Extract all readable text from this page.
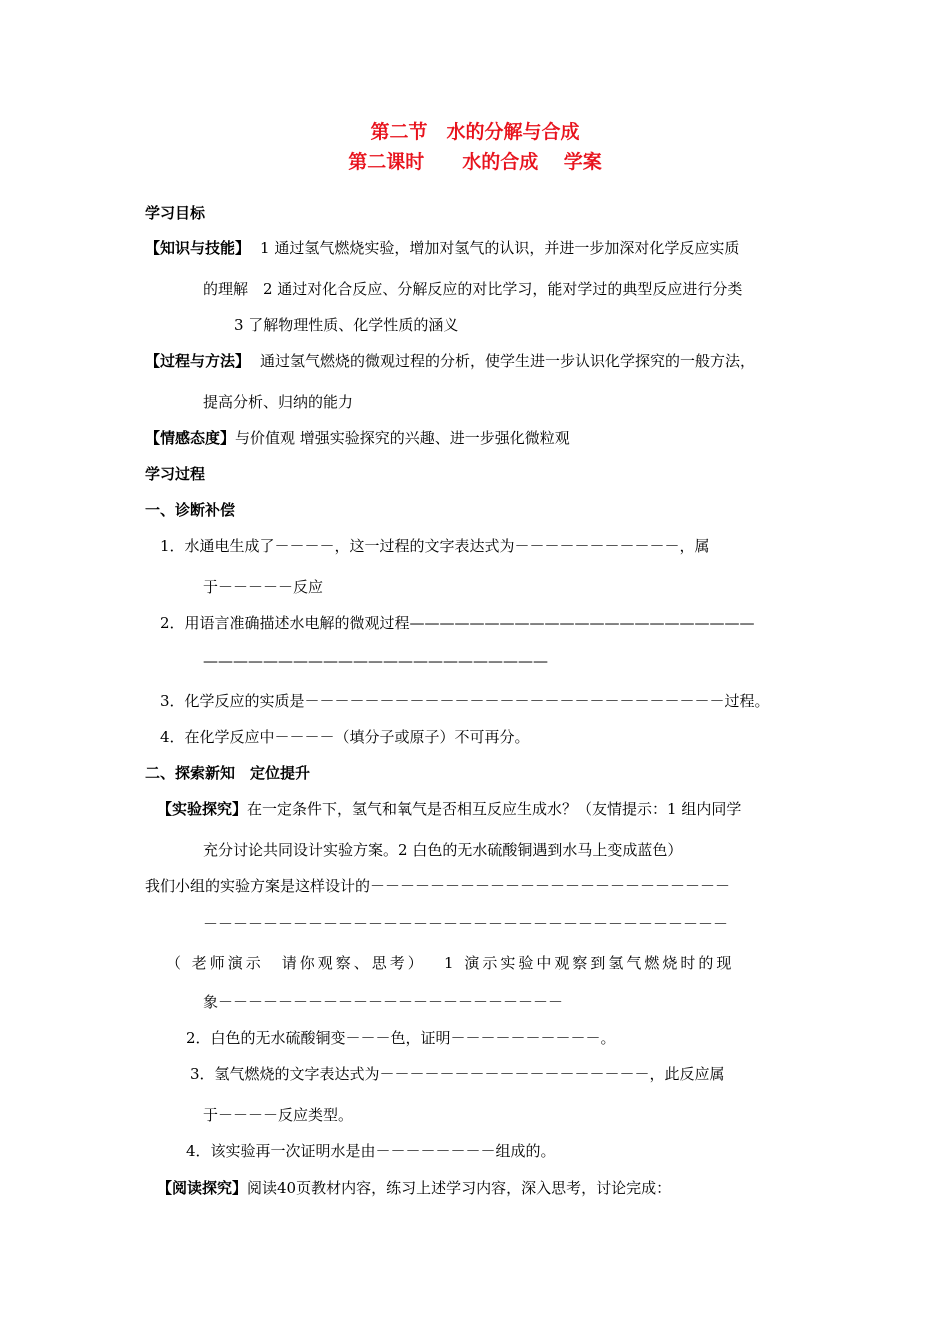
第二节　水的分解与合成
第二课时　　水的合成　 学案
学习目标
【知识与技能】 1 通过氢气燃烧实验，增加对氢气的认识，并进一步加深对化学反应实质
的理解　2 通过对化合反应、分解反应的对比学习，能对学过的典型反应进行分类
3 了解物理性质、化学性质的涵义
【过程与方法】 通过氢气燃烧的微观过程的分析，使学生进一步认识化学探究的一般方法，
提高分析、归纳的能力
【情感态度】与价值观 增强实验探究的兴趣、进一步强化微粒观
学习过程
一、诊断补偿
1．水通电生成了－－－－，这一过程的文字表达式为－－－－－－－－－－－，属
于－－－－－反应
2．用语言准确描述水电解的微观过程———————————————————————
———————————————————————
3．化学反应的实质是－－－－－－－－－－－－－－－－－－－－－－－－－－－－过程。
4．在化学反应中－－－－（填分子或原子）不可再分。
二、探索新知　定位提升
【实验探究】在一定条件下，氢气和氧气是否相互反应生成水？（友情提示：1 组内同学
充分讨论共同设计实验方案。2 白色的无水硫酸铜遇到水马上变成蓝色）
我们小组的实验方案是这样设计的－－－－－－－－－－－－－－－－－－－－－－－－
－－－－－－－－－－－－－－－－－－－－－－－－－－－－－－－－－－－
（ 老师演示　请你观察、思考）　 1 演示实验中观察到氢气燃烧时的现
象－－－－－－－－－－－－－－－－－－－－－－－
2．白色的无水硫酸铜变－－－色，证明－－－－－－－－－－。
3．氢气燃烧的文字表达式为－－－－－－－－－－－－－－－－－－，此反应属
于－－－－反应类型。
4．该实验再一次证明水是由－－－－－－－－组成的。
【阅读探究】阅读40页教材内容，练习上述学习内容，深入思考，讨论完成：
